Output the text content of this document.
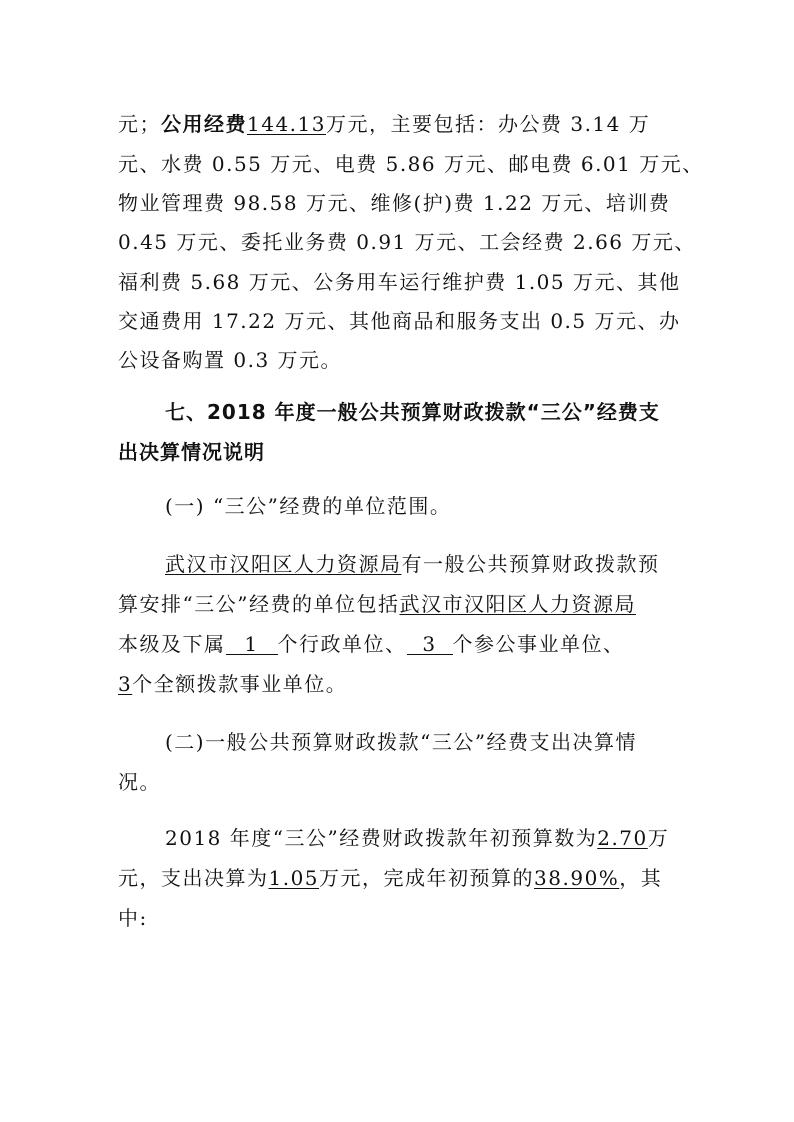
元；公用经费144.13万元，主要包括：办公费 3.14 万
元、水费 0.55 万元、电费 5.86 万元、邮电费 6.01 万元、
物业管理费 98.58 万元、维修(护)费 1.22 万元、培训费
0.45 万元、委托业务费 0.91 万元、工会经费 2.66 万元、
福利费 5.68 万元、公务用车运行维护费 1.05 万元、其他
交通费用 17.22 万元、其他商品和服务支出 0.5 万元、办
公设备购置 0.3 万元。
七、2018 年度一般公共预算财政拨款“三公”经费支
出决算情况说明
(一) “三公”经费的单位范围。
武汉市汉阳区人力资源局有一般公共预算财政拨款预
算安排“三公”经费的单位包括武汉市汉阳区人力资源局
本级及下属 1 个行政单位、 3 个参公事业单位、
3个全额拨款事业单位。
(二)一般公共预算财政拨款“三公”经费支出决算情
况。
2018 年度“三公”经费财政拨款年初预算数为2.70万
元，支出决算为1.05万元，完成年初预算的38.90%，其
中:
